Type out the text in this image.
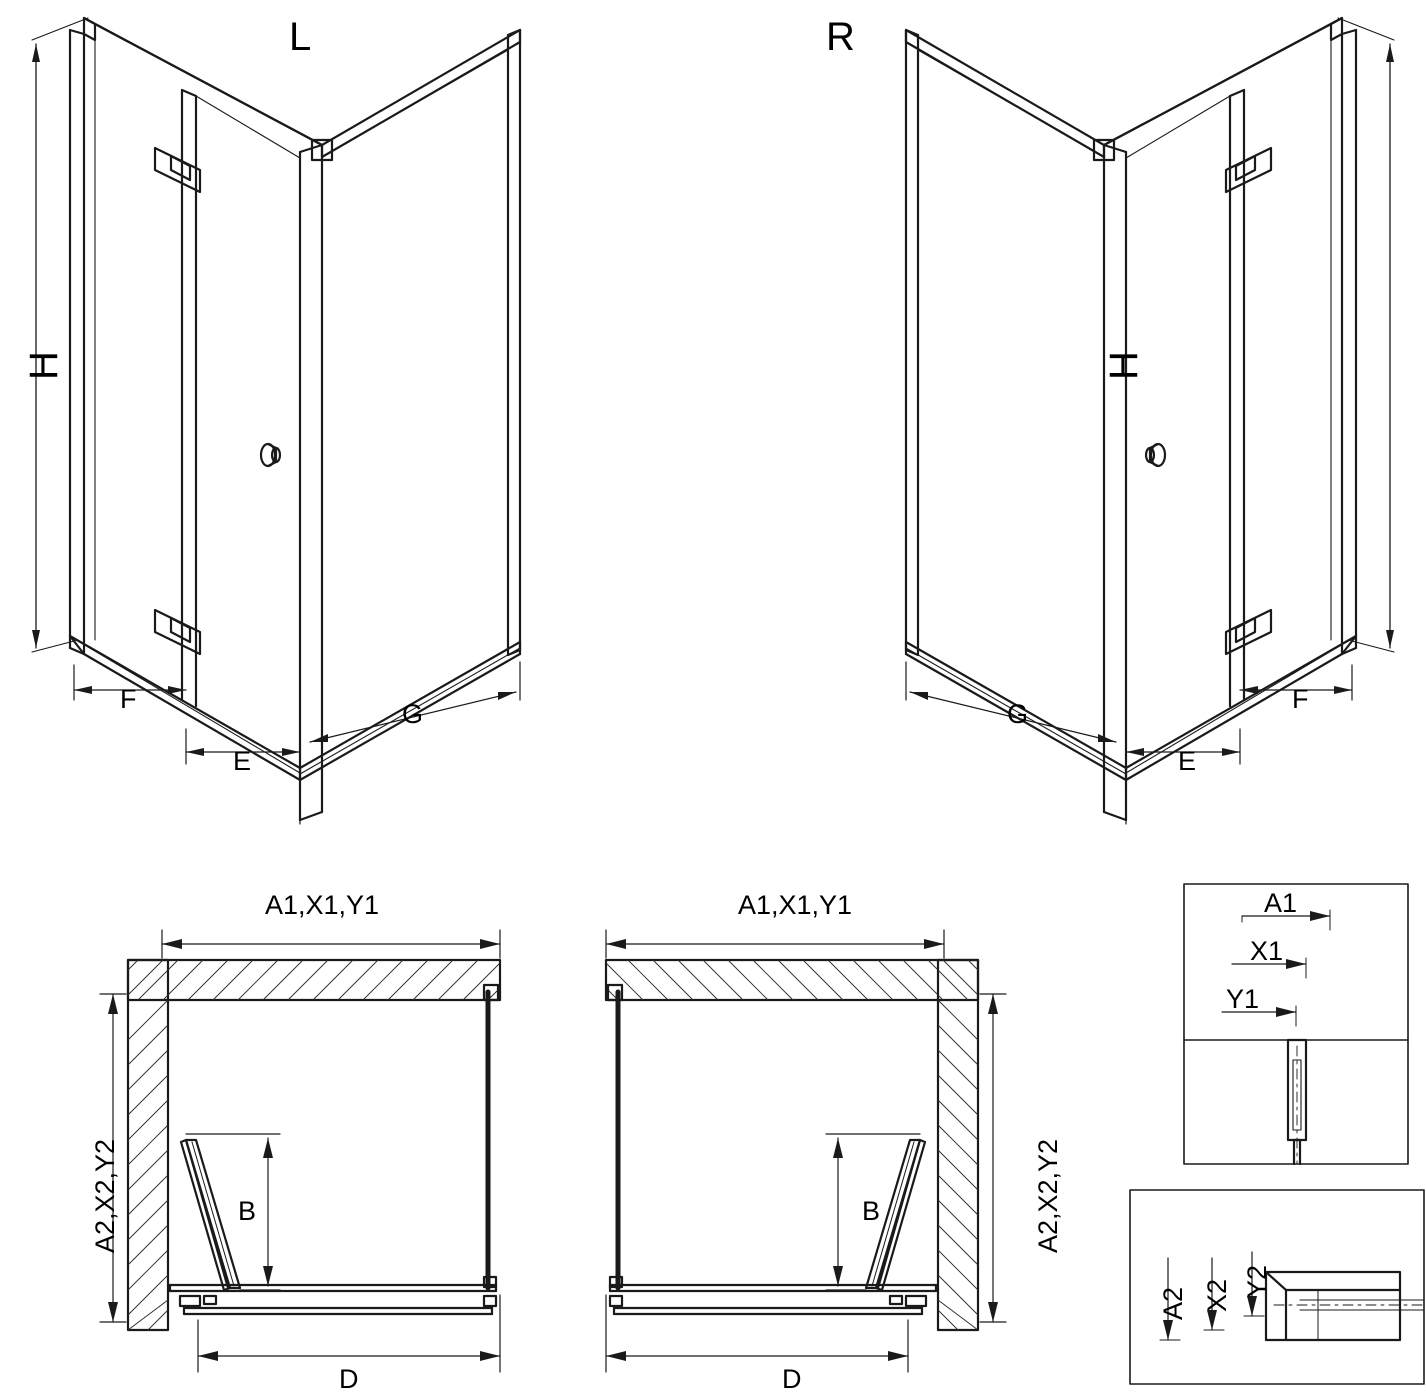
L	R
H	H
F
E
G	F
E
G
A1,X1,Y1
A2,X2,Y2	B
D
A1,X1,Y1
A2,X2,Y2
B
D
A1
X1
Y1
A2 X2 Y2
